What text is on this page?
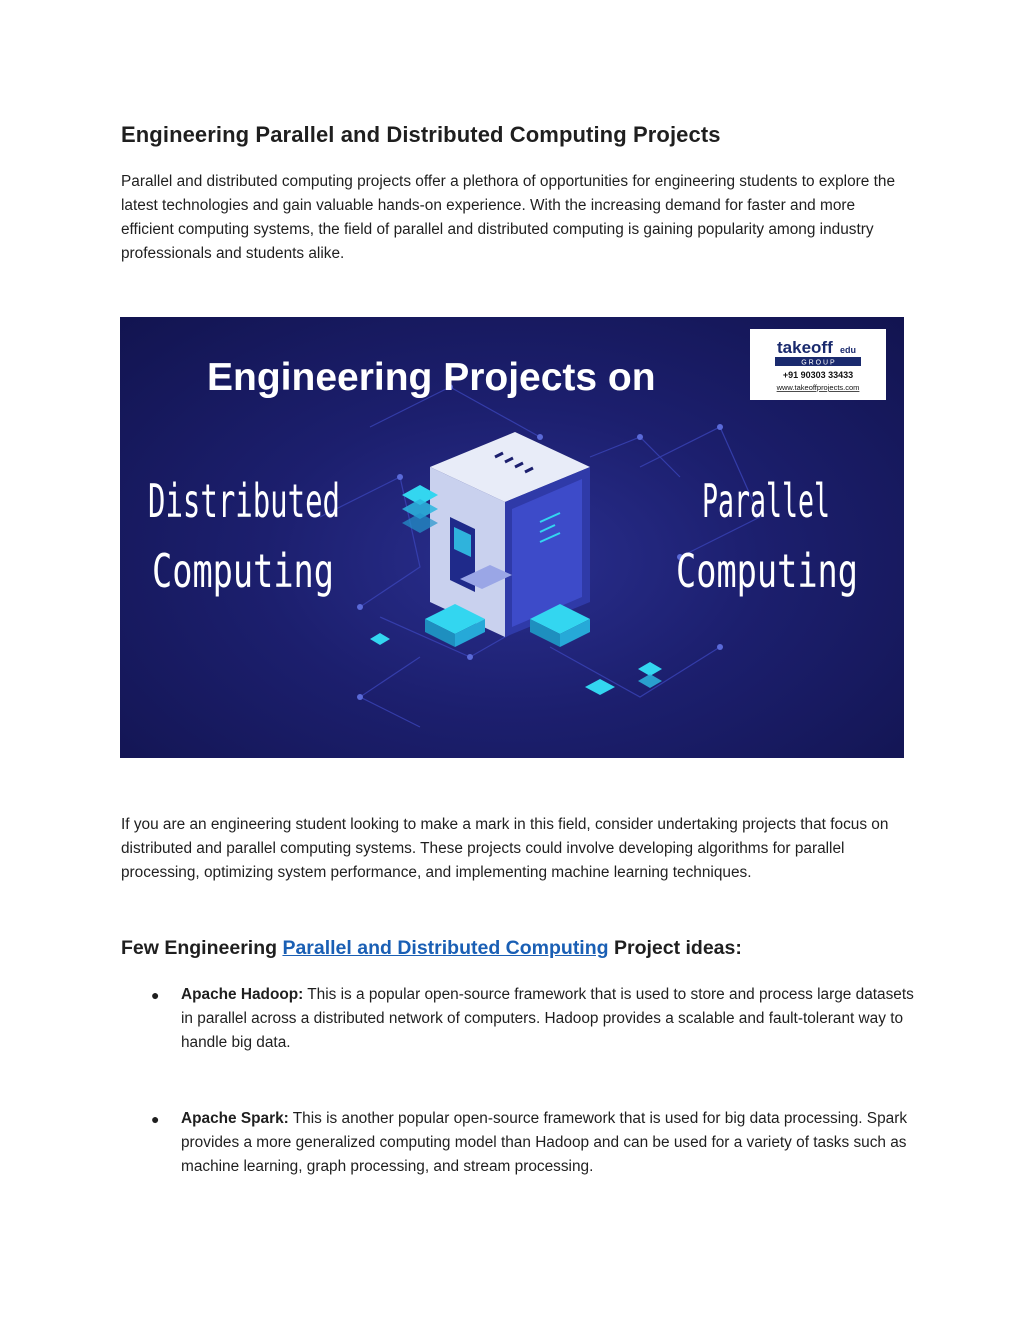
Engineering Parallel and Distributed Computing Projects

Parallel and distributed computing projects offer a plethora of opportunities for engineering students to explore the latest technologies and gain valuable hands-on experience. With the increasing demand for faster and more efficient computing systems, the field of parallel and distributed computing is gaining popularity among industry professionals and students alike.

Engineering Projects on
Distributed
Computing
Parallel
Computing
takeoff edu
G R O U P
+91 90303 33433
www.takeoffprojects.com

If you are an engineering student looking to make a mark in this field, consider undertaking projects that focus on distributed and parallel computing systems. These projects could involve developing algorithms for parallel processing, optimizing system performance, and implementing machine learning techniques.

Few Engineering Parallel and Distributed Computing Project ideas:
● Apache Hadoop: This is a popular open-source framework that is used to store and process large datasets in parallel across a distributed network of computers. Hadoop provides a scalable and fault-tolerant way to handle big data.
● Apache Spark: This is another popular open-source framework that is used for big data processing. Spark provides a more generalized computing model than Hadoop and can be used for a variety of tasks such as machine learning, graph processing, and stream processing.
